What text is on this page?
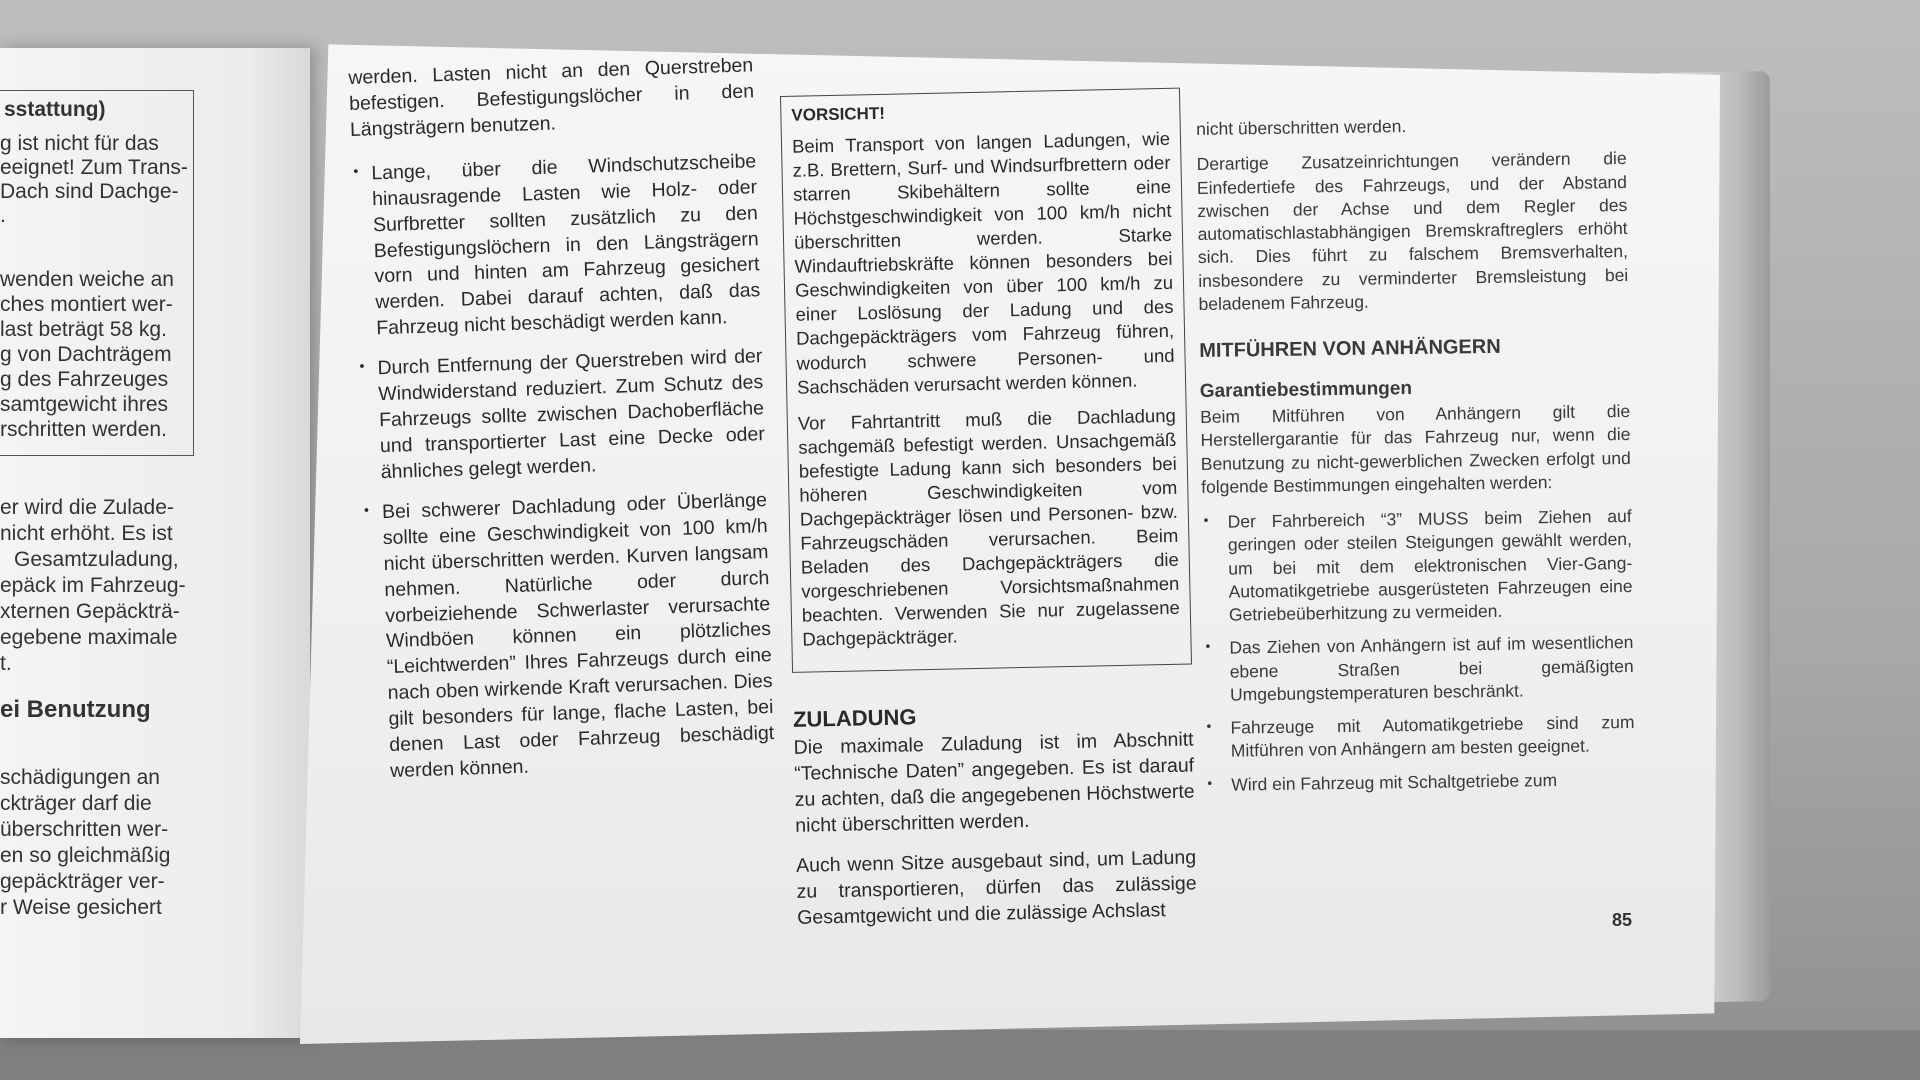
sstattung)
g ist nicht für das
eeignet! Zum Trans-
Dach sind Dachge-
.
wenden weiche an
ches montiert wer-
last beträgt 58 kg.
g von Dachträgem
g des Fahrzeuges
samtgewicht ihres
rschritten werden.
er wird die Zulade-
nicht erhöht. Es ist
Gesamtzuladung,
epäck im Fahrzeug-
xternen Gepäckträ-
egebene maximale
t.
ei Benutzung
schädigungen an
ckträger darf die
überschritten wer-
en so gleichmäßig
gepäckträger ver-
r Weise gesichert

werden. Lasten nicht an den Querstreben befestigen. Befestigungslöcher in den Längsträgern benutzen.

• Lange, über die Windschutzscheibe hinausragende Lasten wie Holz- oder Surfbretter sollten zusätzlich zu den Befestigungslöchern in den Längsträgern vorn und hinten am Fahrzeug gesichert werden. Dabei darauf achten, daß das Fahrzeug nicht beschädigt werden kann.
• Durch Entfernung der Querstreben wird der Windwiderstand reduziert. Zum Schutz des Fahrzeugs sollte zwischen Dachoberfläche und transportierter Last eine Decke oder ähnliches gelegt werden.
• Bei schwerer Dachladung oder Überlänge sollte eine Geschwindigkeit von 100 km/h nicht überschritten werden. Kurven langsam nehmen. Natürliche oder durch vorbeiziehende Schwerlaster verursachte Windböen können ein plötzliches “Leichtwerden” Ihres Fahrzeugs durch eine nach oben wirkende Kraft verursachen. Dies gilt besonders für lange, flache Lasten, bei denen Last oder Fahrzeug beschädigt werden können.
VORSICHT!

Beim Transport von langen Ladungen, wie z.B. Brettern, Surf- und Windsurfbrettern oder starren Skibehältern sollte eine Höchstgeschwindigkeit von 100 km/h nicht überschritten werden. Starke Windauftriebskräfte können besonders bei Geschwindigkeiten von über 100 km/h zu einer Loslösung der Ladung und des Dachgepäckträgers vom Fahrzeug führen, wodurch schwere Personen- und Sachschäden verursacht werden können.

Vor Fahrtantritt muß die Dachladung sachgemäß befestigt werden. Unsachgemäß befestigte Ladung kann sich besonders bei höheren Geschwindigkeiten vom Dachgepäckträger lösen und Personen- bzw. Fahrzeugschäden verursachen. Beim Beladen des Dachgepäckträgers die vorgeschriebenen Vorsichtsmaßnahmen beachten. Verwenden Sie nur zugelassene Dachgepäckträger.

ZULADUNG

Die maximale Zuladung ist im Abschnitt “Technische Daten” angegeben. Es ist darauf zu achten, daß die angegebenen Höchstwerte nicht überschritten werden.

Auch wenn Sitze ausgebaut sind, um Ladung zu transportieren, dürfen das zulässige Gesamtgewicht und die zulässige Achslast

nicht überschritten werden.

Derartige Zusatzeinrichtungen verändern die Einfedertiefe des Fahrzeugs, und der Abstand zwischen der Achse und dem Regler des automatischlastabhängigen Bremskraftreglers erhöht sich. Dies führt zu falschem Bremsverhalten, insbesondere zu verminderter Bremsleistung bei beladenem Fahrzeug.

MITFÜHREN VON ANHÄNGERN
Garantiebestimmungen

Beim Mitführen von Anhängern gilt die Herstellergarantie für das Fahrzeug nur, wenn die Benutzung zu nicht-gewerblichen Zwecken erfolgt und folgende Bestimmungen eingehalten werden:

• Der Fahrbereich “3” MUSS beim Ziehen auf geringen oder steilen Steigungen gewählt werden, um bei mit dem elektronischen Vier-Gang-Automatikgetriebe ausgerüsteten Fahrzeugen eine Getriebeüberhitzung zu vermeiden.
• Das Ziehen von Anhängern ist auf im wesentlichen ebene Straßen bei gemäßigten Umgebungstemperaturen beschränkt.
• Fahrzeuge mit Automatikgetriebe sind zum Mitführen von Anhängern am besten geeignet.
• Wird ein Fahrzeug mit Schaltgetriebe zum
85
